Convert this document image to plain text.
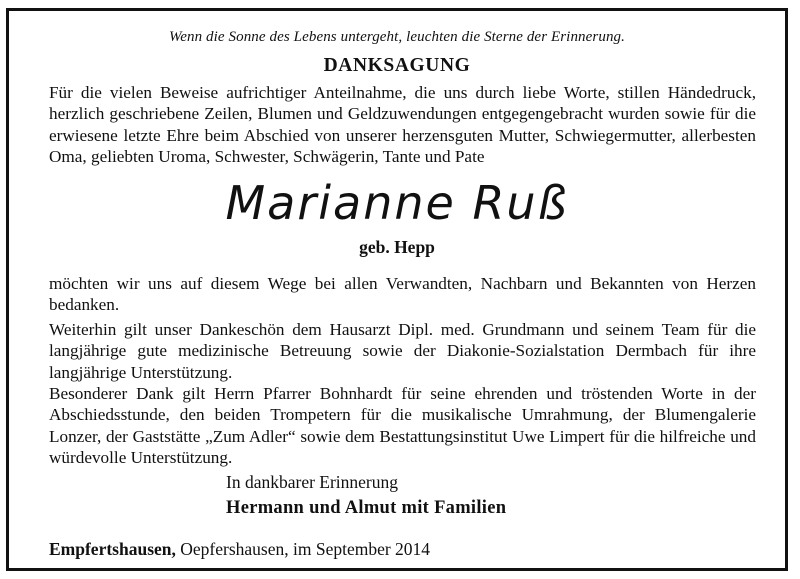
Wenn die Sonne des Lebens untergeht, leuchten die Sterne der Erinnerung.
DANKSAGUNG

Für die vielen Beweise aufrichtiger Anteilnahme, die uns durch liebe Worte, stillen Händedruck, herzlich geschriebene Zeilen, Blumen und Geldzuwendungen entgegengebracht wurden sowie für die erwiesene letzte Ehre beim Abschied von unserer herzensguten Mutter, Schwiegermutter, allerbesten Oma, geliebten Uroma, Schwester, Schwägerin, Tante und Pate

Marianne Ruß
geb. Hepp

möchten wir uns auf diesem Wege bei allen Verwandten, Nachbarn und Bekannten von Herzen bedanken.

Weiterhin gilt unser Dankeschön dem Hausarzt Dipl. med. Grundmann und seinem Team für die langjährige gute medizinische Betreuung sowie der Diakonie-Sozialstation Dermbach für ihre langjährige Unterstützung.

Besonderer Dank gilt Herrn Pfarrer Bohnhardt für seine ehrenden und tröstenden Worte in der Abschiedsstunde, den beiden Trompetern für die musikalische Umrahmung, der Blumengalerie Lonzer, der Gaststätte „Zum Adler“ sowie dem Bestattungsinstitut Uwe Limpert für die hilfreiche und würdevolle Unterstützung.

In dankbarer Erinnerung
Hermann und Almut mit Familien
Empfertshausen, Oepfershausen, im September 2014
